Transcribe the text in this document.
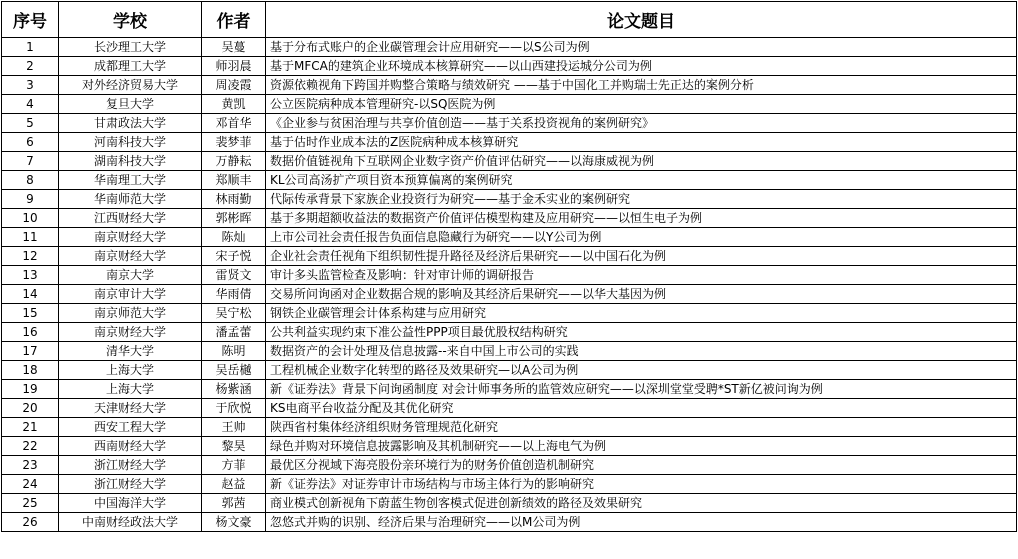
序号	学校	作者	论文题目
1	长沙理工大学	吴蔓	基于分布式账户的企业碳管理会计应用研究——以S公司为例
2	成都理工大学	师羽晨	基于MFCA的建筑企业环境成本核算研究——以山西建投运城分公司为例
3	对外经济贸易大学	周凌霞	资源依赖视角下跨国并购整合策略与绩效研究 ——基于中国化工并购瑞士先正达的案例分析
4	复旦大学	黄凯	公立医院病种成本管理研究-以SQ医院为例
5	甘肃政法大学	邓首华	《企业参与贫困治理与共享价值创造——基于关系投资视角的案例研究》
6	河南科技大学	裴梦菲	基于估时作业成本法的Z医院病种成本核算研究
7	湖南科技大学	万静耘	数据价值链视角下互联网企业数字资产价值评估研究——以海康威视为例
8	华南理工大学	郑顺丰	KL公司高汤扩产项目资本预算偏离的案例研究
9	华南师范大学	林雨勤	代际传承背景下家族企业投资行为研究——基于金禾实业的案例研究
10	江西财经大学	郭彬晖	基于多期超额收益法的数据资产价值评估模型构建及应用研究——以恒生电子为例
11	南京财经大学	陈灿	上市公司社会责任报告负面信息隐藏行为研究——以Y公司为例
12	南京财经大学	宋子悦	企业社会责任视角下组织韧性提升路径及经济后果研究——以中国石化为例
13	南京大学	雷贤文	审计多头监管检查及影响：针对审计师的调研报告
14	南京审计大学	华雨倩	交易所问询函对企业数据合规的影响及其经济后果研究——以华大基因为例
15	南京师范大学	吴宁松	钢铁企业碳管理会计体系构建与应用研究
16	南京财经大学	潘孟蕾	公共利益实现约束下准公益性PPP项目最优股权结构研究
17	清华大学	陈明	数据资产的会计处理及信息披露--来自中国上市公司的实践
18	上海大学	吴岳樾	工程机械企业数字化转型的路径及效果研究—以A公司为例
19	上海大学	杨紫涵	新《证券法》背景下问询函制度 对会计师事务所的监管效应研究——以深圳堂堂受聘*ST新亿被问询为例
20	天津财经大学	于欣悦	KS电商平台收益分配及其优化研究
21	西安工程大学	王帅	陕西省村集体经济组织财务管理规范化研究
22	西南财经大学	黎昊	绿色并购对环境信息披露影响及其机制研究——以上海电气为例
23	浙江财经大学	方菲	最优区分视域下海亮股份亲环境行为的财务价值创造机制研究
24	浙江财经大学	赵益	新《证券法》对证券审计市场结构与市场主体行为的影响研究
25	中国海洋大学	郭茜	商业模式创新视角下蔚蓝生物创客模式促进创新绩效的路径及效果研究
26	中南财经政法大学	杨文豪	忽悠式并购的识别、经济后果与治理研究——以M公司为例
